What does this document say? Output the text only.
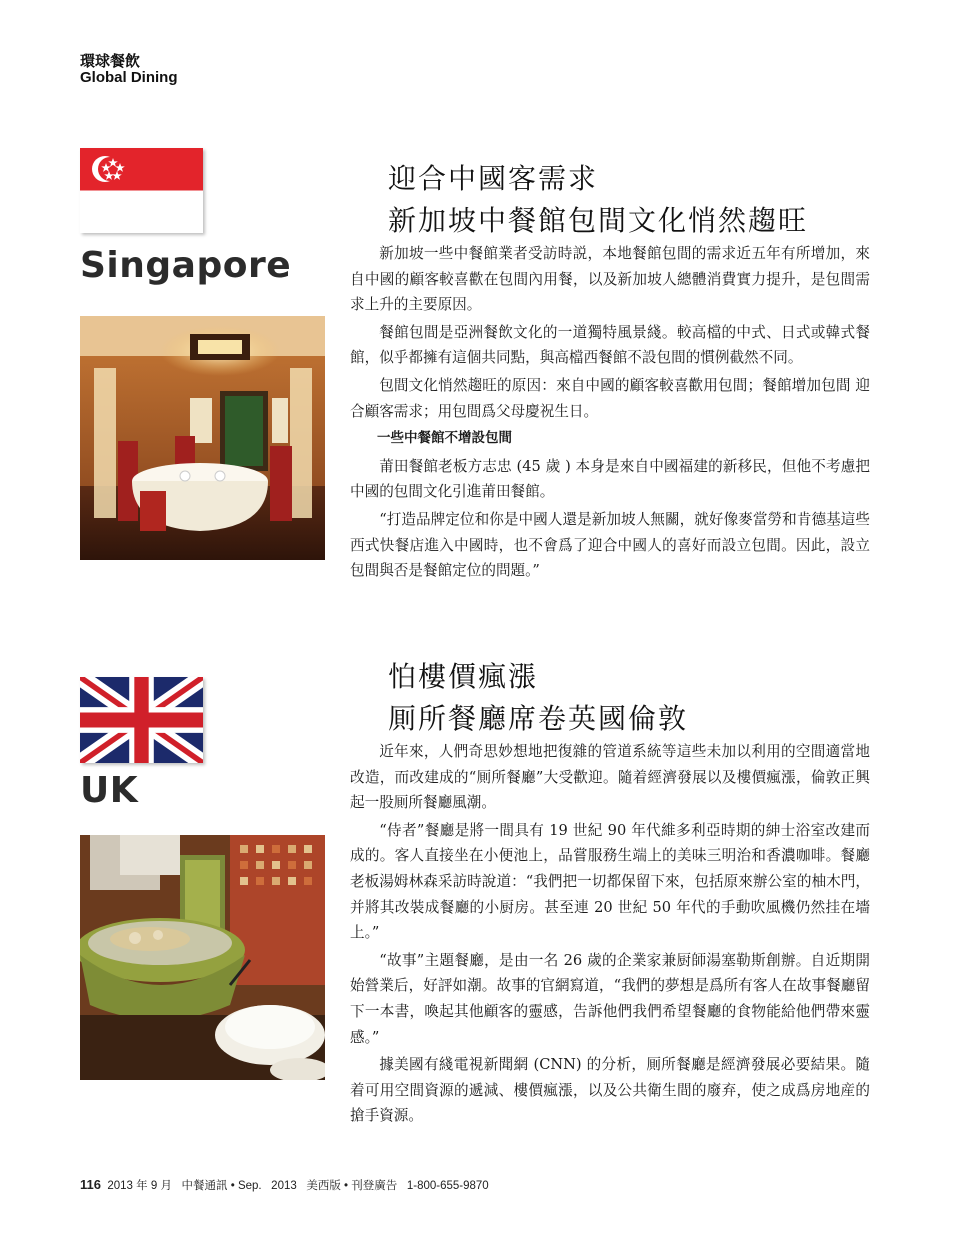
環球餐飲
Global Dining
Singapore
迎合中國客需求
新加坡中餐館包間文化悄然趨旺

新加坡一些中餐館業者受訪時説，本地餐館包間的需求近五年有所增加，來自中國的顧客較喜歡在包間內用餐，以及新加坡人總體消費實力提升，是包間需求上升的主要原因。

餐館包間是亞洲餐飲文化的一道獨特風景綫。較高檔的中式、日式或韓式餐館，似乎都擁有這個共同點，與高檔西餐館不設包間的慣例截然不同。

包間文化悄然趨旺的原因：來自中國的顧客較喜歡用包間；餐館增加包間 迎合顧客需求；用包間爲父母慶祝生日。

一些中餐館不增設包間

莆田餐館老板方志忠 (45 歲 ) 本身是來自中國福建的新移民，但他不考慮把中國的包間文化引進莆田餐館。

“打造品牌定位和你是中國人還是新加坡人無關，就好像麥當勞和肯德基這些西式快餐店進入中國時，也不會爲了迎合中國人的喜好而設立包間。因此，設立包間與否是餐館定位的問題。”

UK
怕樓價瘋漲
厠所餐廳席卷英國倫敦

近年來，人們奇思妙想地把復雜的管道系統等這些未加以利用的空間適當地改造，而改建成的“厠所餐廳”大受歡迎。隨着經濟發展以及樓價瘋漲，倫敦正興起一股厠所餐廳風潮。

“侍者”餐廳是將一間具有 19 世紀 90 年代維多利亞時期的紳士浴室改建而成的。客人直接坐在小便池上，品嘗服務生端上的美味三明治和香濃咖啡。餐廳老板湯姆林森采訪時說道：“我們把一切都保留下來，包括原來辦公室的柚木門，并將其改裝成餐廳的小厨房。甚至連 20 世紀 50 年代的手動吹風機仍然挂在墻上。”

“故事”主題餐廳，是由一名 26 歲的企業家兼厨師湯塞勒斯創辦。自近期開始營業后，好評如潮。故事的官網寫道，“我們的夢想是爲所有客人在故事餐廳留下一本書，喚起其他顧客的靈感，告訴他們我們希望餐廳的食物能給他們帶來靈感。”

據美國有綫電視新聞網 (CNN) 的分析，厠所餐廳是經濟發展必要結果。隨着可用空間資源的遞減、樓價瘋漲，以及公共衛生間的廢弃，使之成爲房地産的搶手資源。

116 2013 年 9 月   中餐通訊 • Sep.   2013   美西版 • 刊登廣告   1-800-655-9870
